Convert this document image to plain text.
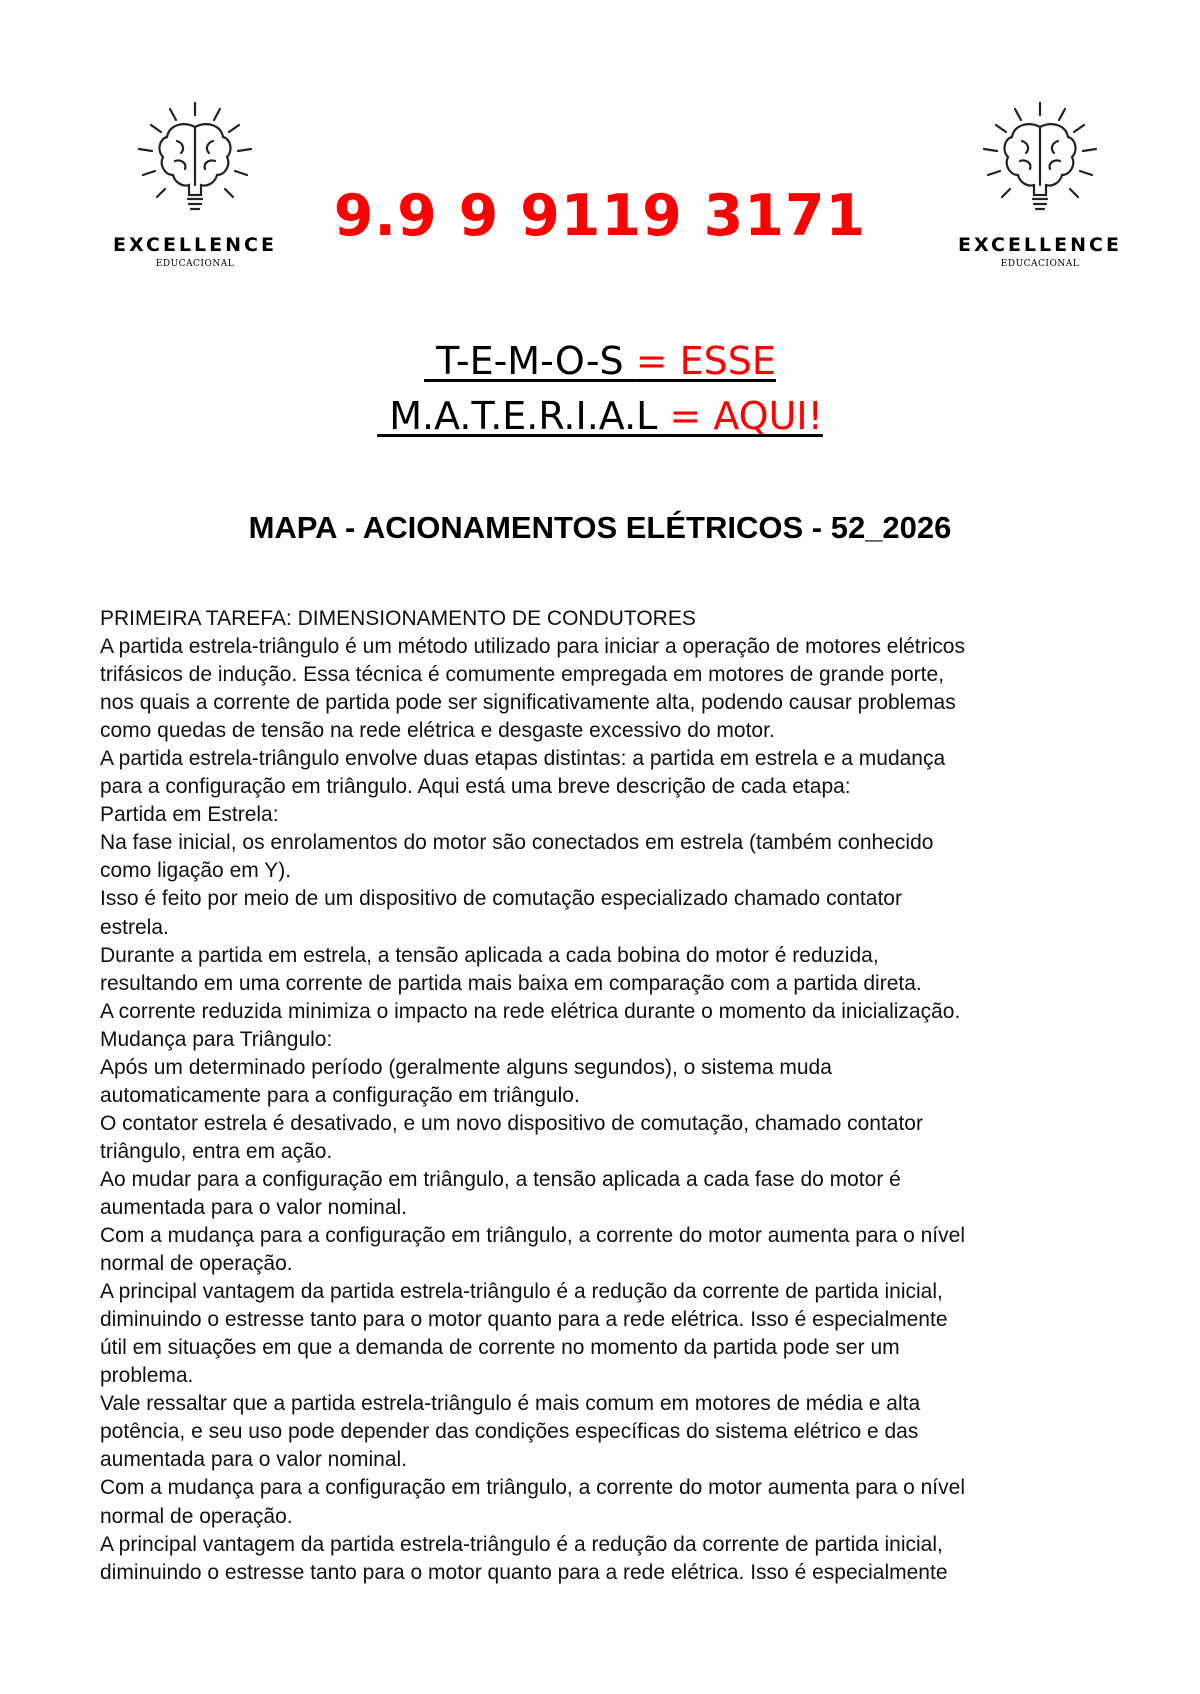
EXCELLENCE
EDUCACIONAL
EXCELLENCE
EDUCACIONAL
9.9 9 9119 3171
T-E-M-O-S = ESSE
M.A.T.E.R.I.A.L = AQUI!
MAPA - ACIONAMENTOS ELÉTRICOS - 52_2026
PRIMEIRA TAREFA: DIMENSIONAMENTO DE CONDUTORES
A partida estrela-triângulo é um método utilizado para iniciar a operação de motores elétricos
trifásicos de indução. Essa técnica é comumente empregada em motores de grande porte,
nos quais a corrente de partida pode ser significativamente alta, podendo causar problemas
como quedas de tensão na rede elétrica e desgaste excessivo do motor.
A partida estrela-triângulo envolve duas etapas distintas: a partida em estrela e a mudança
para a configuração em triângulo. Aqui está uma breve descrição de cada etapa:
Partida em Estrela:
Na fase inicial, os enrolamentos do motor são conectados em estrela (também conhecido
como ligação em Y).
Isso é feito por meio de um dispositivo de comutação especializado chamado contator
estrela.
Durante a partida em estrela, a tensão aplicada a cada bobina do motor é reduzida,
resultando em uma corrente de partida mais baixa em comparação com a partida direta.
A corrente reduzida minimiza o impacto na rede elétrica durante o momento da inicialização.
Mudança para Triângulo:
Após um determinado período (geralmente alguns segundos), o sistema muda
automaticamente para a configuração em triângulo.
O contator estrela é desativado, e um novo dispositivo de comutação, chamado contator
triângulo, entra em ação.
Ao mudar para a configuração em triângulo, a tensão aplicada a cada fase do motor é
aumentada para o valor nominal.
Com a mudança para a configuração em triângulo, a corrente do motor aumenta para o nível
normal de operação.
A principal vantagem da partida estrela-triângulo é a redução da corrente de partida inicial,
diminuindo o estresse tanto para o motor quanto para a rede elétrica. Isso é especialmente
útil em situações em que a demanda de corrente no momento da partida pode ser um
problema.
Vale ressaltar que a partida estrela-triângulo é mais comum em motores de média e alta
potência, e seu uso pode depender das condições específicas do sistema elétrico e das
aumentada para o valor nominal.
Com a mudança para a configuração em triângulo, a corrente do motor aumenta para o nível
normal de operação.
A principal vantagem da partida estrela-triângulo é a redução da corrente de partida inicial,
diminuindo o estresse tanto para o motor quanto para a rede elétrica. Isso é especialmente
